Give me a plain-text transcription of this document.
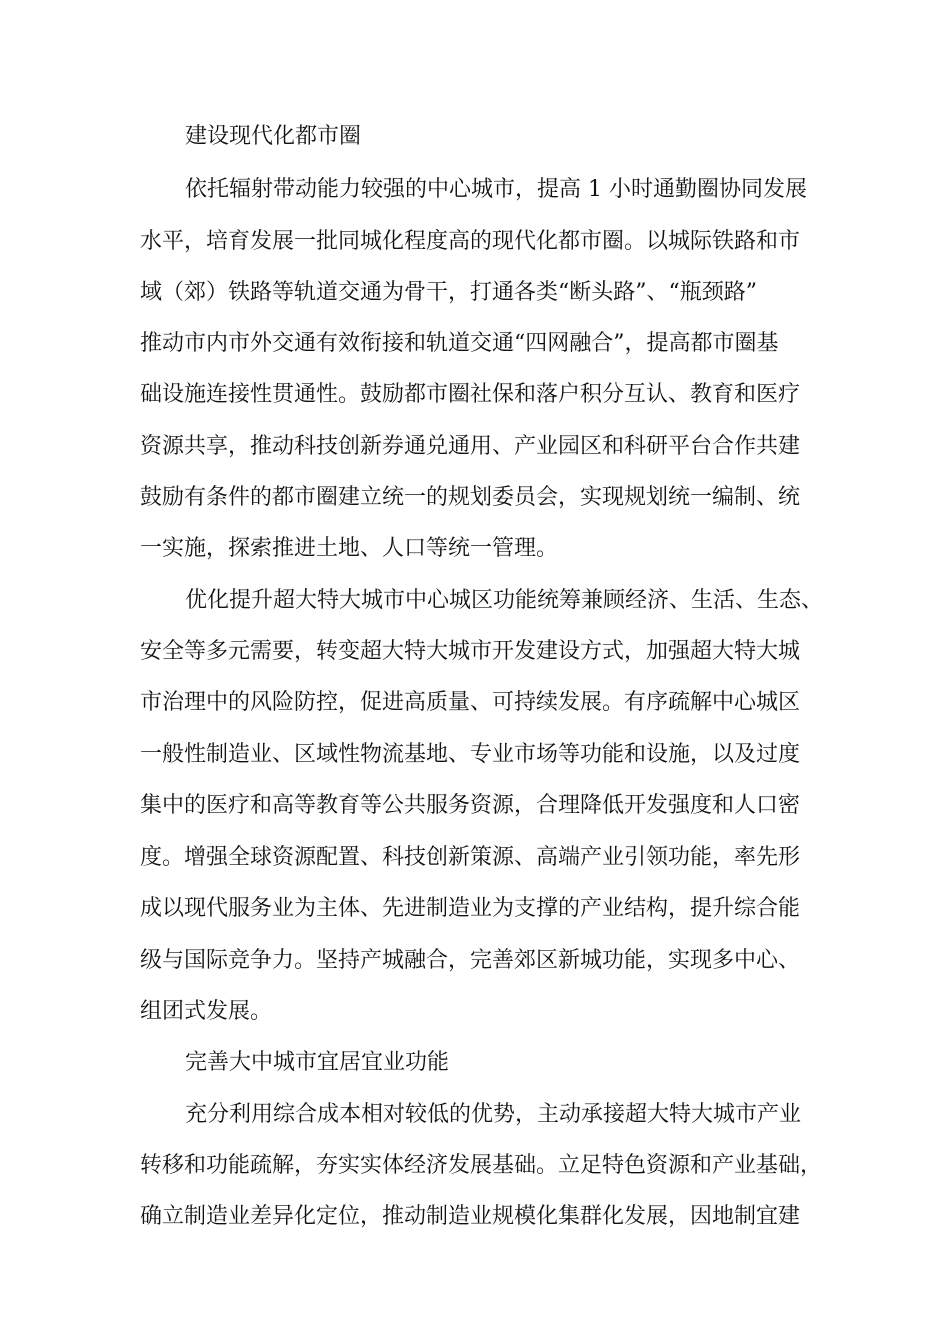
建设现代化都市圈
依托辐射带动能力较强的中心城市，提高 1 小时通勤圈协同发展
水平，培育发展一批同城化程度高的现代化都市圈。以城际铁路和市
域（郊）铁路等轨道交通为骨干，打通各类“断头路”、“瓶颈路”
推动市内市外交通有效衔接和轨道交通“四网融合”，提高都市圈基
础设施连接性贯通性。鼓励都市圈社保和落户积分互认、教育和医疗
资源共享，推动科技创新券通兑通用、产业园区和科研平台合作共建
鼓励有条件的都市圈建立统一的规划委员会，实现规划统一编制、统
一实施，探索推进土地、人口等统一管理。
优化提升超大特大城市中心城区功能统筹兼顾经济、生活、生态、
安全等多元需要，转变超大特大城市开发建设方式，加强超大特大城
市治理中的风险防控，促进高质量、可持续发展。有序疏解中心城区
一般性制造业、区域性物流基地、专业市场等功能和设施，以及过度
集中的医疗和高等教育等公共服务资源，合理降低开发强度和人口密
度。增强全球资源配置、科技创新策源、高端产业引领功能，率先形
成以现代服务业为主体、先进制造业为支撑的产业结构，提升综合能
级与国际竞争力。坚持产城融合，完善郊区新城功能，实现多中心、
组团式发展。
完善大中城市宜居宜业功能
充分利用综合成本相对较低的优势，主动承接超大特大城市产业
转移和功能疏解，夯实实体经济发展基础。立足特色资源和产业基础，
确立制造业差异化定位，推动制造业规模化集群化发展，因地制宜建
